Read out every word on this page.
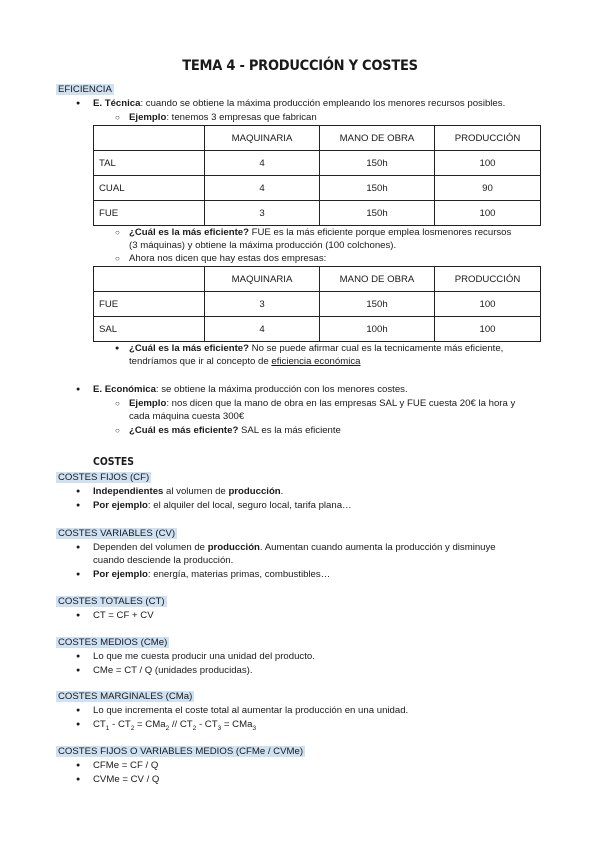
TEMA 4 - PRODUCCIÓN Y COSTES
EFICIENCIA
● E. Técnica: cuando se obtiene la máxima producción empleando los menores recursos posibles.
○ Ejemplo: tenemos 3 empresas que fabrican
	MAQUINARIA	MANO DE OBRA	PRODUCCIÓN
TAL	4	150h	100
CUAL	4	150h	90
FUE	3	150h	100
○ ¿Cuál es la más eficiente? FUE es la más eficiente porque emplea losmenores recursos
(3 máquinas) y obtiene la máxima producción (100 colchones).
○ Ahora nos dicen que hay estas dos empresas:
	MAQUINARIA	MANO DE OBRA	PRODUCCIÓN
FUE	3	150h	100
SAL	4	100h	100
● ¿Cuál es la más eficiente? No se puede afirmar cual es la tecnicamente más eficiente,
tendríamos que ir al concepto de eficiencia económica
● E. Económica: se obtiene la máxima producción con los menores costes.
○ Ejemplo: nos dicen que la mano de obra en las empresas SAL y FUE cuesta 20€ la hora y
cada máquina cuesta 300€
○ ¿Cuál es más eficiente? SAL es la más eficiente
COSTES
COSTES FIJOS (CF)
● Independientes al volumen de producción.
● Por ejemplo: el alquiler del local, seguro local, tarifa plana…
COSTES VARIABLES (CV)
● Dependen del volumen de producción. Aumentan cuando aumenta la producción y disminuye
cuando desciende la producción.
● Por ejemplo: energía, materias primas, combustibles…
COSTES TOTALES (CT)
● CT = CF + CV
COSTES MEDIOS (CMe)
● Lo que me cuesta producir una unidad del producto.
● CMe = CT / Q (unidades producidas).
COSTES MARGINALES (CMa)
● Lo que incrementa el coste total al aumentar la producción en una unidad.
● $CT_1 - CT_2 = CMa_2 // CT_2 - CT_3 = CMa_3$
COSTES FIJOS O VARIABLES MEDIOS (CFMe / CVMe)
● CFMe = CF / Q
● CVMe = CV / Q
